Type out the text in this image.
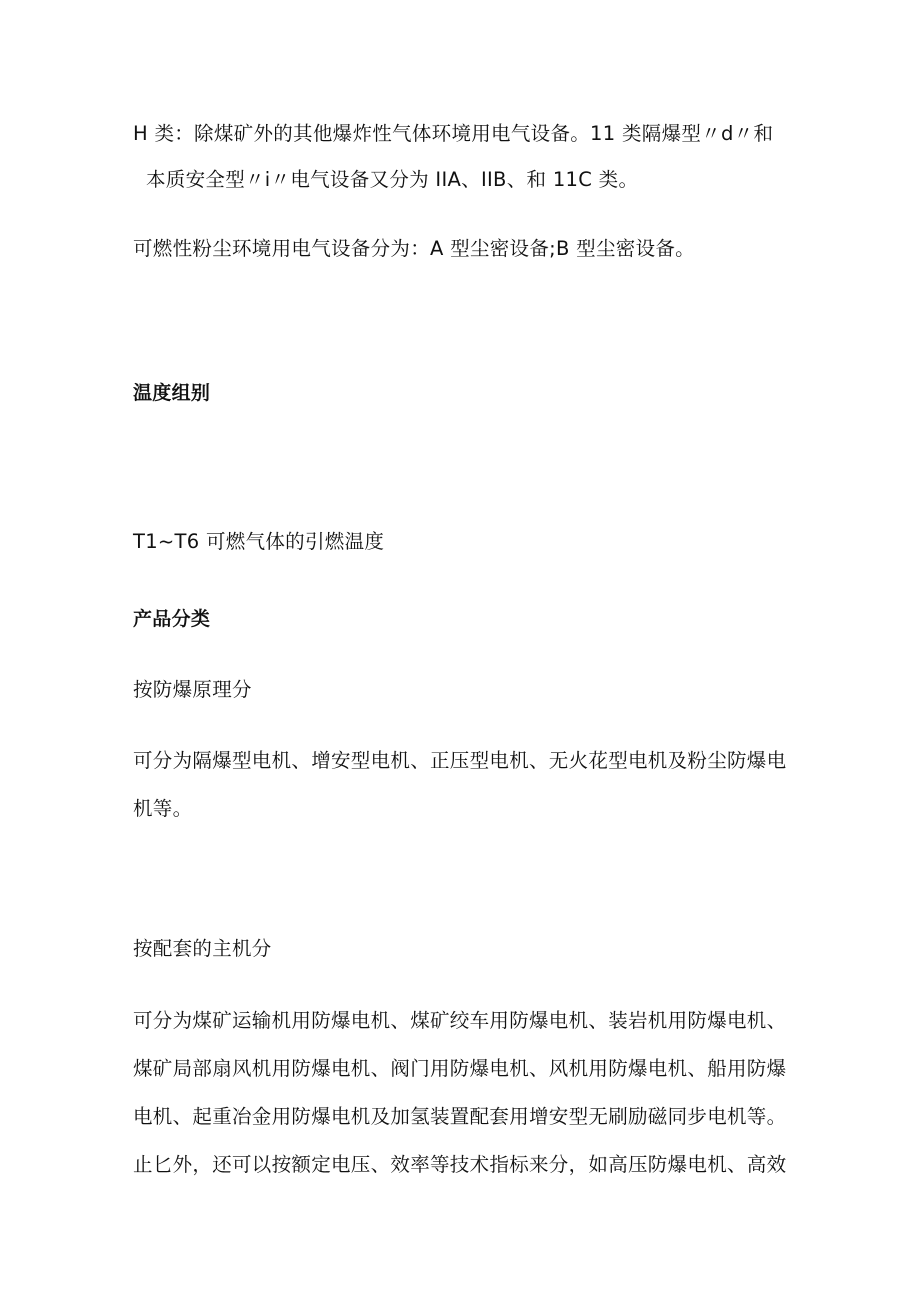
H 类：除煤矿外的其他爆炸性气体环境用电气设备。11 类隔爆型〃d〃和
本质安全型〃i〃电气设备又分为 IIA、IIB、和 11C 类。
可燃性粉尘环境用电气设备分为：A 型尘密设备;B 型尘密设备。
温度组别
T1~T6 可燃气体的引燃温度
产品分类
按防爆原理分
可分为隔爆型电机、增安型电机、正压型电机、无火花型电机及粉尘防爆电
机等。
按配套的主机分
可分为煤矿运输机用防爆电机、煤矿绞车用防爆电机、装岩机用防爆电机、
煤矿局部扇风机用防爆电机、阀门用防爆电机、风机用防爆电机、船用防爆
电机、起重冶金用防爆电机及加氢装置配套用增安型无刷励磁同步电机等。
止匕外，还可以按额定电压、效率等技术指标来分，如高压防爆电机、高效
